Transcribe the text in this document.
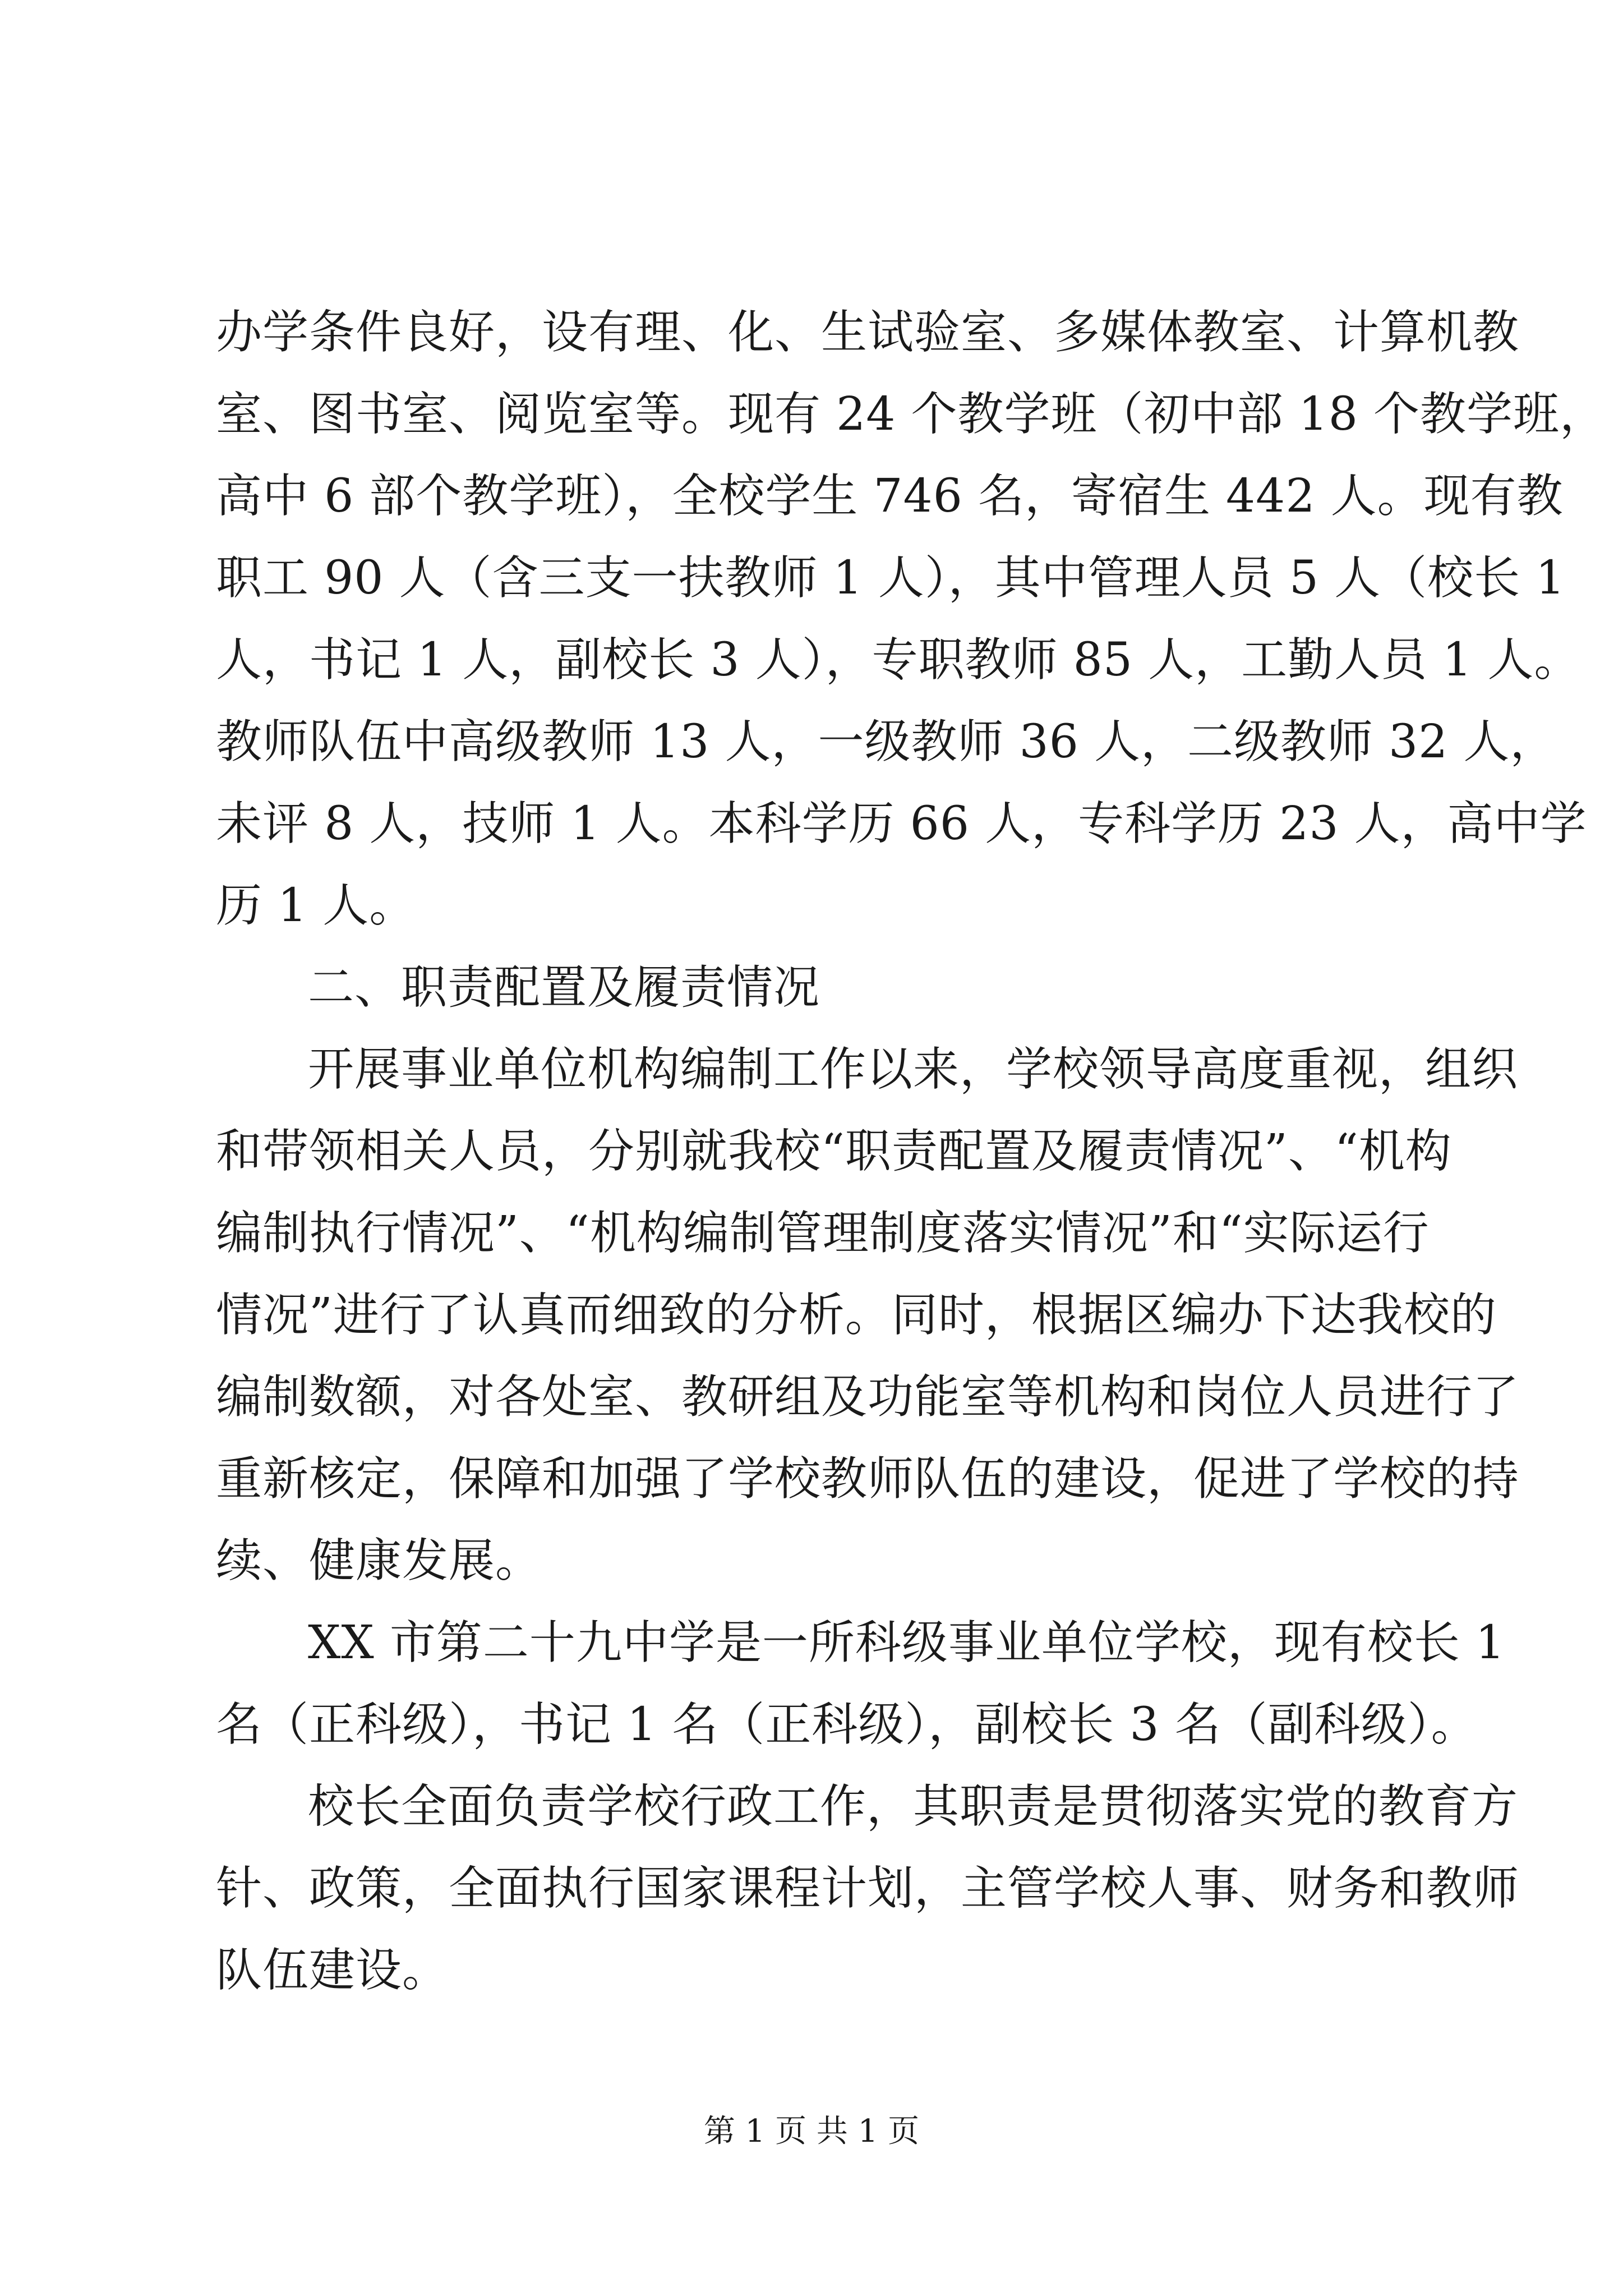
办学条件良好，设有理、化、生试验室、多媒体教室、计算机教
室、图书室、阅览室等。现有 24 个教学班（初中部 18 个教学班，
高中 6 部个教学班），全校学生 746 名，寄宿生 442 人。现有教
职工 90 人（含三支一扶教师 1 人），其中管理人员 5 人（校长 1
人，书记 1 人，副校长 3 人），专职教师 85 人，工勤人员 1 人。
教师队伍中高级教师 13 人，一级教师 36 人，二级教师 32 人，
未评 8 人，技师 1 人。本科学历 66 人，专科学历 23 人，高中学
历 1 人。
二、职责配置及履责情况
开展事业单位机构编制工作以来，学校领导高度重视，组织
和带领相关人员，分别就我校“职责配置及履责情况”、“机构
编制执行情况”、“机构编制管理制度落实情况”和“实际运行
情况”进行了认真而细致的分析。同时，根据区编办下达我校的
编制数额，对各处室、教研组及功能室等机构和岗位人员进行了
重新核定，保障和加强了学校教师队伍的建设，促进了学校的持
续、健康发展。
XX 市第二十九中学是一所科级事业单位学校，现有校长 1
名（正科级），书记 1 名（正科级），副校长 3 名（副科级）。
校长全面负责学校行政工作，其职责是贯彻落实党的教育方
针、政策，全面执行国家课程计划，主管学校人事、财务和教师
队伍建设。
第 1 页 共 1 页
